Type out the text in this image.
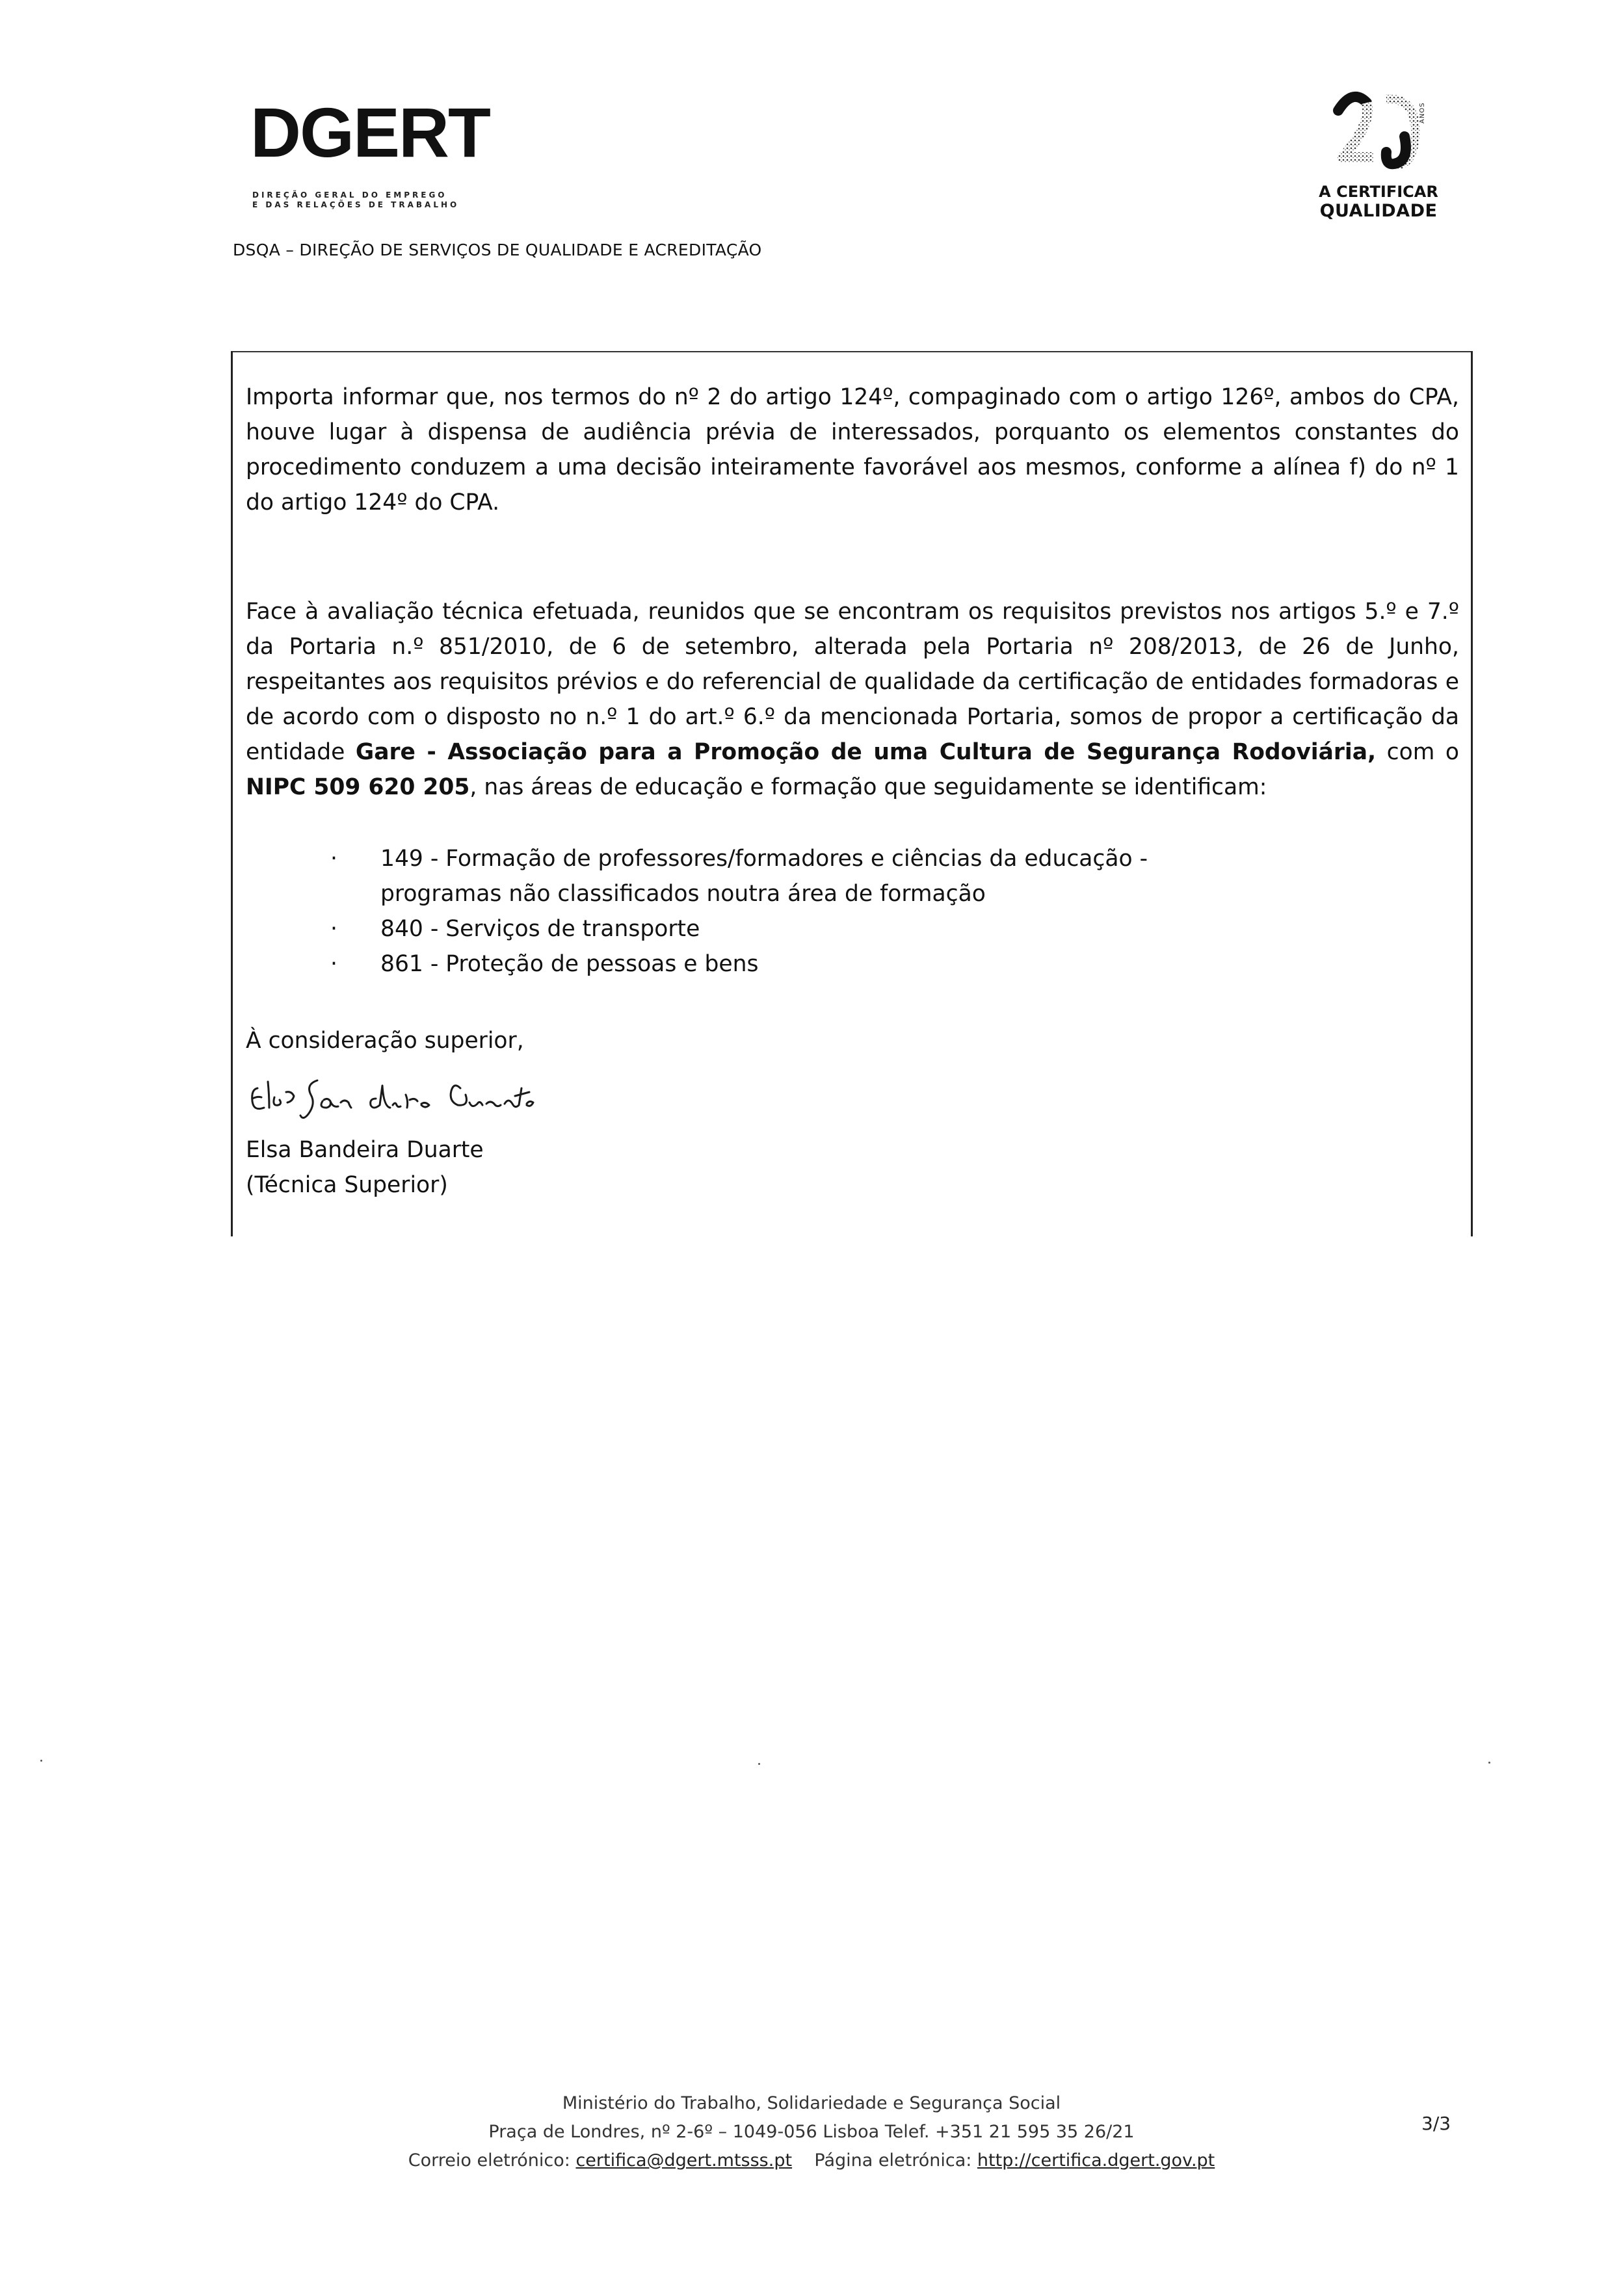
DGERT
DIREÇÃO GERAL DO EMPREGO
E DAS RELAÇÕES DE TRABALHO
DSQA – DIREÇÃO DE SERVIÇOS DE QUALIDADE E ACREDITAÇÃO
ANOS
A CERTIFICAR
QUALIDADE

Importa informar que, nos termos do nº 2 do artigo 124º, compaginado com o artigo 126º, ambos do CPA, houve lugar à dispensa de audiência prévia de interessados, porquanto os elementos constantes do procedimento conduzem a uma decisão inteiramente favorável aos mesmos, conforme a alínea f) do nº 1 do artigo 124º do CPA.

Face à avaliação técnica efetuada, reunidos que se encontram os requisitos previstos nos artigos 5.º e 7.º da Portaria n.º 851/2010, de 6 de setembro, alterada pela Portaria nº 208/2013, de 26 de Junho, respeitantes aos requisitos prévios e do referencial de qualidade da certificação de entidades formadoras e de acordo com o disposto no n.º 1 do art.º 6.º da mencionada Portaria, somos de propor a certificação da entidade Gare - Associação para a Promoção de uma Cultura de Segurança Rodoviária, com o NIPC 509 620 205, nas áreas de educação e formação que seguidamente se identificam:

· 149 - Formação de professores/formadores e ciências da educação - programas não classificados noutra área de formação
· 840 - Serviços de transporte
· 861 - Proteção de pessoas e bens
À consideração superior,
Elsa Bandeira Duarte
(Técnica Superior)
Ministério do Trabalho, Solidariedade e Segurança Social
Praça de Londres, nº 2-6º – 1049-056 Lisboa Telef. +351 21 595 35 26/21
Correio eletrónico: certifica@dgert.mtsss.pt Página eletrónica: http://certifica.dgert.gov.pt
3/3
